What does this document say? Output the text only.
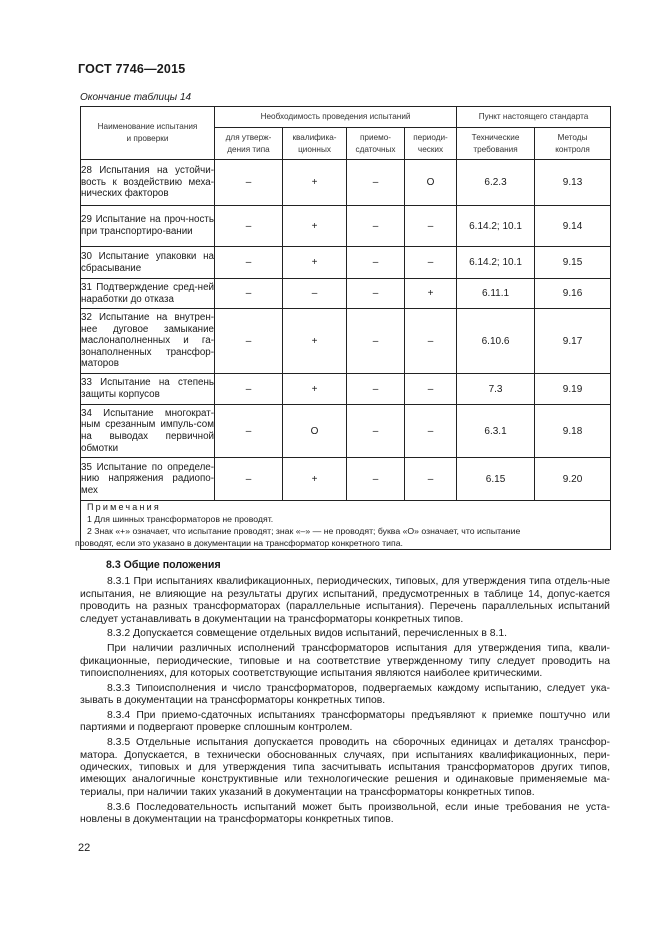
ГОСТ 7746—2015
Окончание таблицы 14
Наименование испытания и проверки	Необходимость проведения испытаний				Пункт настоящего стандарта	
	для утверж-дения типа	квалифика-ционных	приемо-сдаточных	периоди-ческих	Технические требования	Методы контроля
28 Испытания на устойчи-вость к воздействию меха-нических факторов	–	+	–	О	6.2.3	9.13
29 Испытание на проч-ность при транспортиро-вании	–	+	–	–	6.14.2; 10.1	9.14
30 Испытание упаковки на сбрасывание	–	+	–	–	6.14.2; 10.1	9.15
31 Подтверждение сред-ней наработки до отказа	–	–	–	+	6.11.1	9.16
32 Испытание на внутрен-нее дуговое замыкание маслонаполненных и га-зонаполненных трансфор-маторов	–	+	–	–	6.10.6	9.17
33 Испытание на степень защиты корпусов	–	+	–	–	7.3	9.19
34 Испытание многократ-ным срезанным импуль-сом на выводах первичной обмотки	–	О	–	–	6.3.1	9.18
35 Испытание по определе-нию напряжения радиопо-мех	–	+	–	–	6.15	9.20

Примечания
1 Для шинных трансформаторов не проводят.
2 Знак «+» означает, что испытание проводят; знак «–» — не проводят; буква «О» означает, что испытание
проводят, если это указано в документации на трансформатор конкретного типа.						
8.3 Общие положения

8.3.1 При испытаниях квалификационных, периодических, типовых, для утверждения типа отдель-ные испытания, не влияющие на результаты других испытаний, предусмотренных в таблице 14, допус-кается проводить на разных трансформаторах (параллельные испытания). Перечень параллельных испытаний следует устанавливать в документации на трансформаторы конкретных типов.

8.3.2 Допускается совмещение отдельных видов испытаний, перечисленных в 8.1.

При наличии различных исполнений трансформаторов испытания для утверждения типа, квали-фикационные, периодические, типовые и на соответствие утвержденному типу следует проводить на типоисполнениях, для которых соответствующие испытания являются наиболее критическими.

8.3.3 Типоисполнения и число трансформаторов, подвергаемых каждому испытанию, следует ука-зывать в документации на трансформаторы конкретных типов.

8.3.4 При приемо-сдаточных испытаниях трансформаторы предъявляют к приемке поштучно или партиями и подвергают проверке сплошным контролем.

8.3.5 Отдельные испытания допускается проводить на сборочных единицах и деталях трансфор-матора. Допускается, в технически обоснованных случаях, при испытаниях квалификационных, пери-одических, типовых и для утверждения типа засчитывать испытания трансформаторов других типов, имеющих аналогичные конструктивные или технологические решения и одинаковые применяемые ма-териалы, при наличии таких указаний в документации на трансформаторы конкретных типов.

8.3.6 Последовательность испытаний может быть произвольной, если иные требования не уста-новлены в документации на трансформаторы конкретных типов.

22
